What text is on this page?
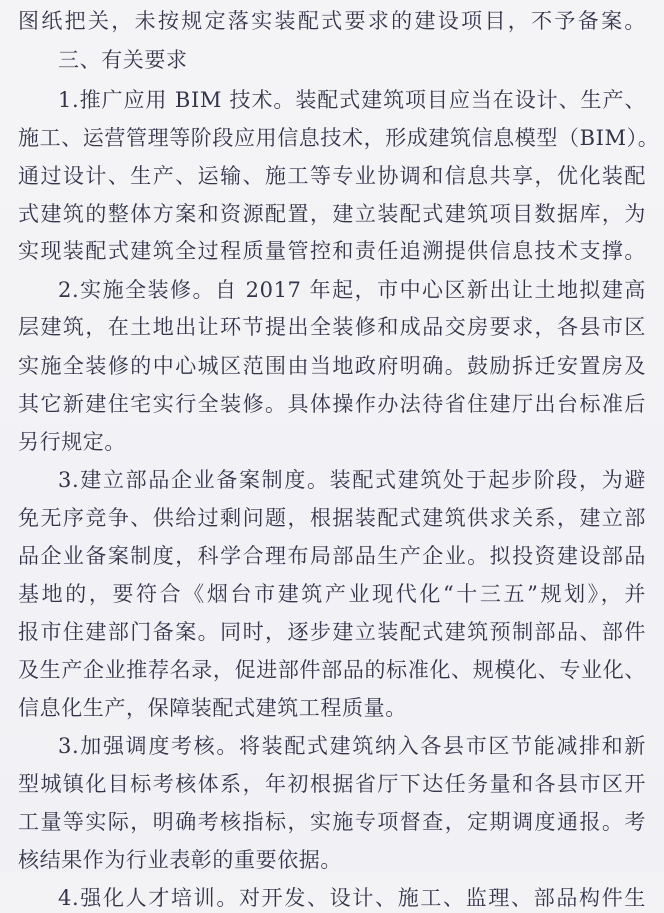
图纸把关，未按规定落实装配式要求的建设项目，不予备案。
三、有关要求
1.推广应用 BIM 技术。装配式建筑项目应当在设计、生产、
施工、运营管理等阶段应用信息技术，形成建筑信息模型（BIM）。
通过设计、生产、运输、施工等专业协调和信息共享，优化装配
式建筑的整体方案和资源配置，建立装配式建筑项目数据库，为
实现装配式建筑全过程质量管控和责任追溯提供信息技术支撑。
2.实施全装修。自 2017 年起，市中心区新出让土地拟建高
层建筑，在土地出让环节提出全装修和成品交房要求，各县市区
实施全装修的中心城区范围由当地政府明确。鼓励拆迁安置房及
其它新建住宅实行全装修。具体操作办法待省住建厅出台标准后
另行规定。
3.建立部品企业备案制度。装配式建筑处于起步阶段，为避
免无序竞争、供给过剩问题，根据装配式建筑供求关系，建立部
品企业备案制度，科学合理布局部品生产企业。拟投资建设部品
基地的，要符合《烟台市建筑产业现代化“十三五”规划》，并
报市住建部门备案。同时，逐步建立装配式建筑预制部品、部件
及生产企业推荐名录，促进部件部品的标准化、规模化、专业化、
信息化生产，保障装配式建筑工程质量。
3.加强调度考核。将装配式建筑纳入各县市区节能减排和新
型城镇化目标考核体系，年初根据省厅下达任务量和各县市区开
工量等实际，明确考核指标，实施专项督查，定期调度通报。考
核结果作为行业表彰的重要依据。
4.强化人才培训。对开发、设计、施工、监理、部品构件生
